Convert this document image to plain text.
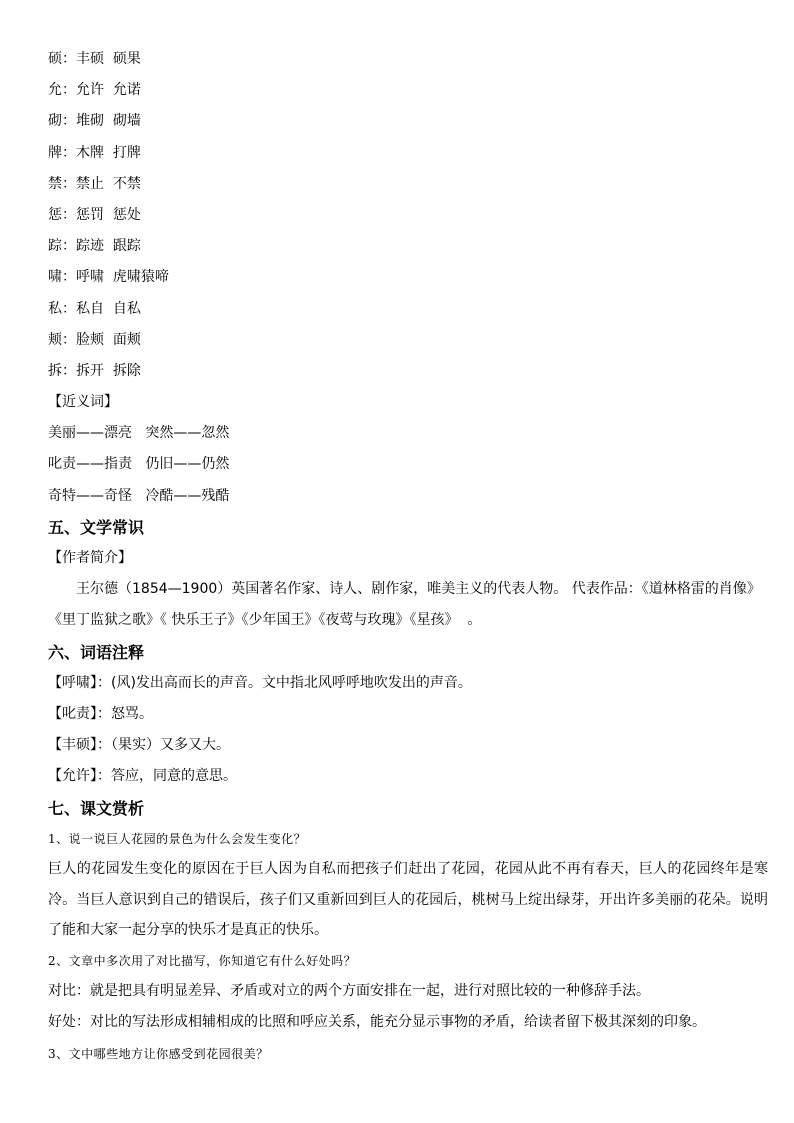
硕：丰硕  硕果
允：允许  允诺
砌：堆砌  砌墙
牌：木牌  打牌
禁：禁止  不禁
惩：惩罚  惩处
踪：踪迹  跟踪
啸：呼啸  虎啸猿啼
私：私自  自私
颊：脸颊  面颊
拆：拆开  拆除
【近义词】
美丽——漂亮   突然——忽然
叱责——指责   仍旧——仍然
奇特——奇怪   冷酷——残酷
五、文学常识
【作者简介】
王尔德（1854—1900）英国著名作家、诗人、剧作家，唯美主义的代表人物。 代表作品：《道林格雷的肖像》
《里丁监狱之歌》《 快乐王子》《少年国王》《夜莺与玫瑰》《星孩》  。
六、词语注释
【呼啸】：(风)发出高而长的声音。文中指北风呼呼地吹发出的声音。
【叱责】：怒骂。
【丰硕】：（果实）又多又大。
【允许】：答应，同意的意思。
七、课文赏析
1、说一说巨人花园的景色为什么会发生变化？
巨人的花园发生变化的原因在于巨人因为自私而把孩子们赶出了花园，花园从此不再有春天，巨人的花园终年是寒冷。当巨人意识到自己的错误后，孩子们又重新回到巨人的花园后，桃树马上绽出绿芽，开出许多美丽的花朵。说明了能和大家一起分享的快乐才是真正的快乐。
2、文章中多次用了对比描写，你知道它有什么好处吗？
对比：就是把具有明显差异、矛盾或对立的两个方面安排在一起，进行对照比较的一种修辞手法。
好处：对比的写法形成相辅相成的比照和呼应关系，能充分显示事物的矛盾，给读者留下极其深刻的印象。
3、文中哪些地方让你感受到花园很美？
